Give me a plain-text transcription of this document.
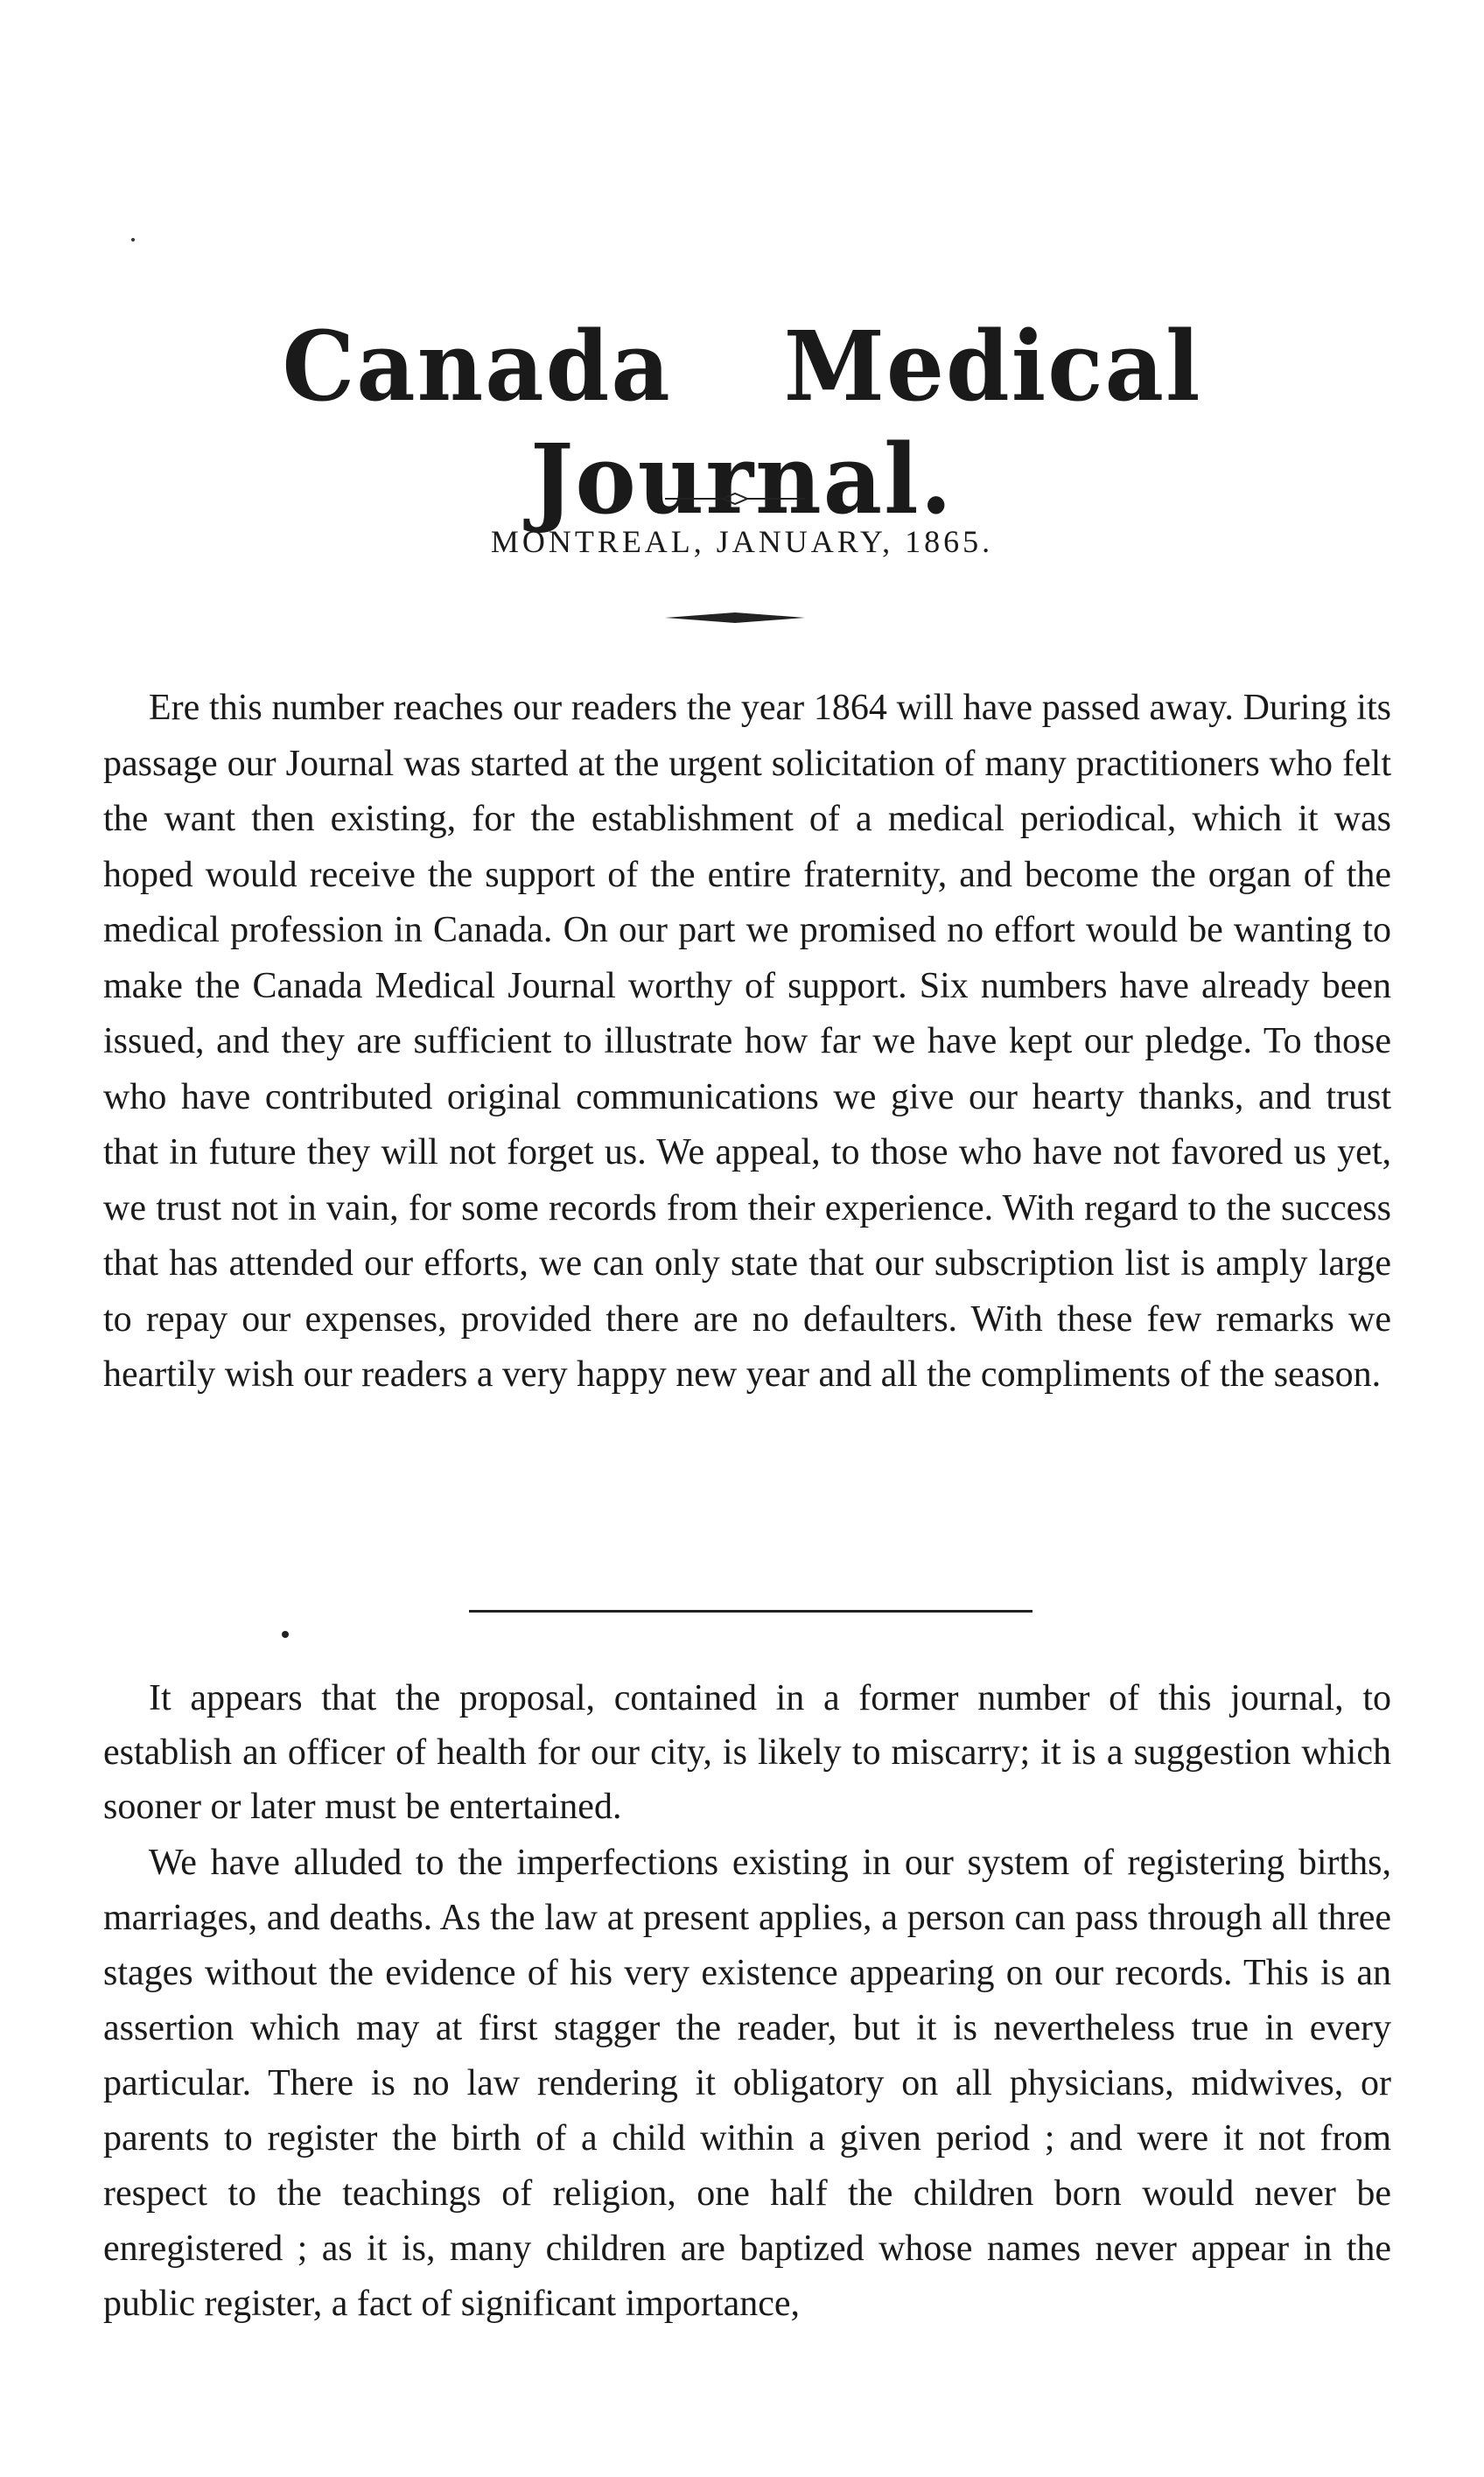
Canada MedicalJournal.
MONTREAL, JANUARY, 1865.

Ere this number reaches our readers the year 1864 will have passed away. During its passage our Journal was started at the urgent solicitation of many practitioners who felt the want then existing, for the establishment of a medical periodical, which it was hoped would receive the support of the entire fraternity, and become the organ of the medical profession in Canada. On our part we promised no effort would be wanting to make the Canada Medical Journal worthy of support. Six numbers have already been issued, and they are sufficient to illustrate how far we have kept our pledge. To those who have contributed original communications we give our hearty thanks, and trust that in future they will not forget us. We appeal, to those who have not favored us yet, we trust not in vain, for some records from their experience. With regard to the success that has attended our efforts, we can only state that our subscription list is amply large to repay our expenses, provided there are no defaulters. With these few remarks we heartily wish our readers a very happy new year and all the compliments of the season.

It appears that the proposal, contained in a former number of this journal, to establish an officer of health for our city, is likely to miscarry; it is a suggestion which sooner or later must be entertained.

We have alluded to the imperfections existing in our system of registering births, marriages, and deaths. As the law at present applies, a person can pass through all three stages without the evidence of his very existence appearing on our records. This is an assertion which may at first stagger the reader, but it is nevertheless true in every particular. There is no law rendering it obligatory on all physicians, midwives, or parents to register the birth of a child within a given period ; and were it not from respect to the teachings of religion, one half the children born would never be enregistered ; as it is, many children are baptized whose names never appear in the public register, a fact of significant importance,
